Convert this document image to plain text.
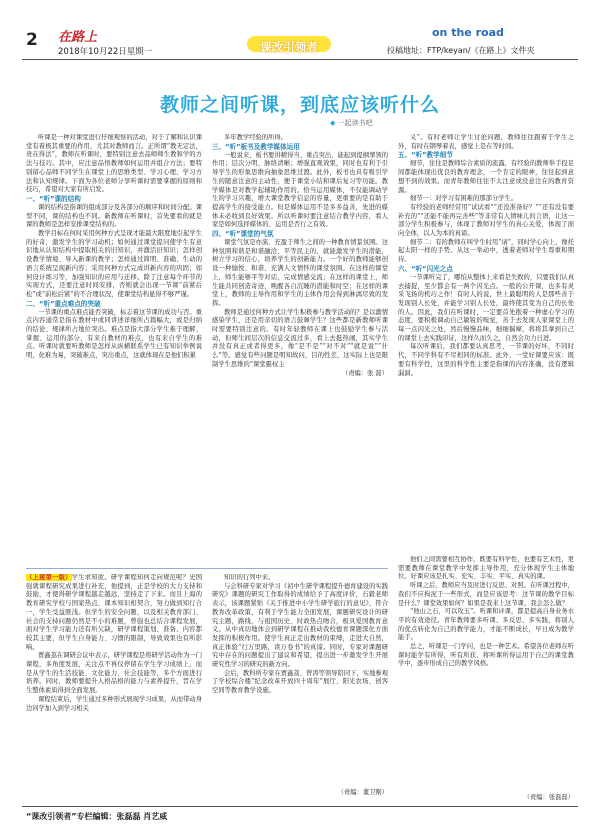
2 在路上
2018年10月22日星期一	课改引领者
on the road
投稿地址：FTP/keyan/《在路上》文件夹
教师之间听课，到底应该听什么
◆ 一起读书吧

听课是一种对课堂进行仔细观察的活动，对于了解和认识课堂有着极其重要的作用，尤其对教师而言。正所谓“教无定法，贵在得法”，教师在听课时，要特别注意去品师师生教和学的方法与技巧。其中，应注意品悟教师如何运用并组合方法；要特别留心品师不同学生在课堂上的思维类型、学习心理、学习方法和认知规律。下面为各位老师分享听课时需要掌握的原则和技巧，希望对大家有所启发。

一、“听”课的结构

课的结构是指课的组成部分及各部分的顺序和时间分配。课型不同，课的结构也不同。新教师在听课时，首先要看的就是课的教师是怎样安排课堂结构的。

教学目标在何时采用何种方式呈现才能最大限度地引起学生的好奇，激发学生的学习动机；如何通过课堂提问使学生有意识地从认知结构中提取相关的旧知识，并激活旧知识；怎样创设教学情境、导入新课的教学；怎样通过简明、准确、生动的语言系统呈现新内容；采用何种方式完成讲新内容的巩固；如何设计练习等，加强知识的应用与迁移。除了注意每个环节的实现方式，还要注意时间安排，否则就会出现一节课“前紧后松”或“前松后紧”的不合理状况，使课堂结构显得不够严谨。

二、“听”重点难点的突破

一节课的重点难点能否突破，标志着这节课的成功与否。重点内容通常是指在教材中或同讲述详细所占篇幅大，或是归纳的结论、规律所占地位突出。难点是指大部分学生难于理解、掌握、运用的部分，有来自教材的难点，也有来自学生的难点。听课时就要听教师是怎样从纵横联系学生已有知识举例说明，化难为易，突破难点，突出重点，这就体现在是他们积累

多年教学经验的所得。

三、“听”板书及教学媒体运用

一般说来，板书要讲精得当、重点突出，能起到提纲挈领的作用；层次分明、脉络清晰；增强直观效果，同时也有利于引导学生的形象思维向抽象思维过渡。此外，板书也具有吸引学生的随意注意的主动性，便于课堂小结和课后复习等功能。教学媒体是对教学起辅助作用的。恰当运用媒体，不仅能调动学生的学习兴趣，增大课堂教学信息的容量，更重要的是有助于提高学生的接受能力。但是媒体运用不是多多益善，先进的媒体未必收到良好效果。所以听课时要注意结合教学内容，看人家是如何选择媒体的、运用是否行之有效。

四、“听”课堂的气氛

课堂气氛是亦演、充盈于师生之间的一种教育情景氛围。这种氛围和谐是和谐融洽、平等民主的，就能激发学生的潜能，树立学习的信心，培养学生的创新能力。一个好的教师能够创设一种愉悦、和谐、充满人文情怀的课堂氛围。在这样的课堂上，师生能够平等对话，完成情感交流；在这样的课堂上，师生能共同创造奇迹，唤醒各自沉睡的潜能和时空；在这样的课堂上，教师的主导作用和学生的主体作用会得到淋漓尽致的发挥。

教师是通过何种方式让学生积极参与教学活动的？是以激情感染学生，还是用亲切的语言鼓舞学生？这些都是新教师听课时需要特别注意的。有时年轻教师在课上也鼓励学生参与活动，但师生间层次的信息交流过多，看上去挺热闹，其实学生并没有真正或者得更多，像“是不是”“对不对”“就是说”“什么”等。感觉有些问题是明知故问，目的性差，这实际上也是限制学生思维的“课堂霸权主

（责编：张 磊）

义”。有时老师让学生讨论问题，教师往往跟着于学生之外，有时在钢琴着表，感觉上是在等时间。

五、“听”教学细节

细节，往往是教师综合素质的流露，有经验的教师举手投足间都能体现出优良的教育理念，一个肯定的眼神，往往起到意想不到的效果。而青年教师往往不太注意或没意注在的教育资源。

细节一：对学习有困难的那部分学生。

有经验的老师经常用“试试看”“还没准备好？”“还有没有要补充的”“还能不能再完善些”等非常有人情味儿的言语，让这一部分学生积极参与，体现了教师对学生的真心关爱，体现了面向全体，以人为本的真谛。

细节二：有的教师在叫学生时用“请”，同时学心向上，像托起太阳一样的手势。从这一举动中，透着老师对学生尊重和期待。

六、“听”闪光之点

一节课听完了，哪怕从整体上来看是失败的，只要我们认真去捕捉，至少都会有一两个闪光点。一般的公开课，也多有灵采飞扬的机巧之作！有时人的说，世上最聪明的人是那些善于发现别人长处，并能学习别人长处，最终使其变为自己的长处的人。因此，我们在听课时，一定要首先抱着一种虚心学习的态度，要积极调动自己敏锐的嗅觉，善于去发现人家课堂上的每一点闪光之处，然后慢慢品味，细细揣摩，将将其拿到自己的课堂上去实践印证，这样久而久之，自然会功力日进。

每次听课后，我们都要认真思考，一节课的好坏，不同时代，不同学科有不尽相同的标准。此外，一堂好课要应该：既要有科学性，这里的科学性主要是指课的内容准确，没有逻辑漏洞。

（上接第一版）学生求知欲。研学课程知何走向规范呢？史国强就课程研究成果进行补充，他提到，正是学校的大力支持和鼓励，才使得研学课程越走越远，坚持走了下来。而且上海的教育研究学校与国家热点、课本知识相契合，努力做到知行合一，学生受益匪浅。但学生的安全问题，以及相关教育部门、社会的支持问题仍然是不小的难题，曾强也总结合课程发展，面对学生学习能力还有所欠缺，研学课程策划、准备、内容都较其主要，但学生自身能力、习惯的限制，导致效果也有所影响。

贾鑫荔在调研会议中表示，研学课程是将研学活动作为一门课程，多角度发展，关注点不再仅停留在学生学习成绩上，而是从学生的生活技能、文化能力、社会技能等，多个方面进行培养。同时，教师要提升人格品格的能力与素养提升，旨在学生整体素质得到全面发展。

课程结束后，学生通过多种形式展现学习成果，从而带动身边同学加入到学习相关

知识的行列中来。

与会科研专家对学习《初中生研学课程提升德育建设的实践研究》课题的研究工作取得的成绩给予了高度评价，石毅老师表示，该课题紧贴《关于推进中小学生研学旅行的意见》，符合教育改革政策，有利于学生能力全面发展，课题研究设计的研究主题，路线，与祖国历史、时政热点吻合，极具爱国教育意义。从中真切地体会到研学课程在推动我校德育课题深化方面发挥的积极作用。使学生真正走出教材的束缚，走进大自然，真正体验“行万里路，读万卷书”的真谛。同时，专家对课题研究中存在的问题提出了建议和希望，提出进一步激发学生开展研究性学习的研究的新方向。

会后，教科所专家在贾鑫荔、曾涛等领导陪同下，实地参观了学校综合楼“纪念改革开放四十周年”展厅、阳光农场、创客空间等教育教学设施。

（责编：董卫刚）

他们之间需要相互协作，既要有科学性，也要有艺术性，更需要教师在课堂教学中发挥主导作用，充分体现学生主体地位。好课应该是扎实、充实、丰实、平实、真实的课。

听课之后，教师应当及时进行反思、对照。在听课过程中，我们不应拘泥于一些形式，而是应该思考：这节课的教学目标是什么？课堂效果如何？如果是我来上这节课，我会怎么做？

“他山之石，可以攻玉”。听课和评课，都是提高自身业务水平的有效途径。青年教师要多听课、多反思、多实践，将别人的优点转化为自己的教学能力，才能不断成长，早日成为教学能手。

总之，听课是一门学问，也是一种艺术。希望各位老师在听课时能学有所得，听有所获，将听课所得运用于自己的课堂教学中，逐步形成自己的教学风格。

（责编：张磊磊）
“课改引领者”专栏编辑：张磊磊 肖艺威
